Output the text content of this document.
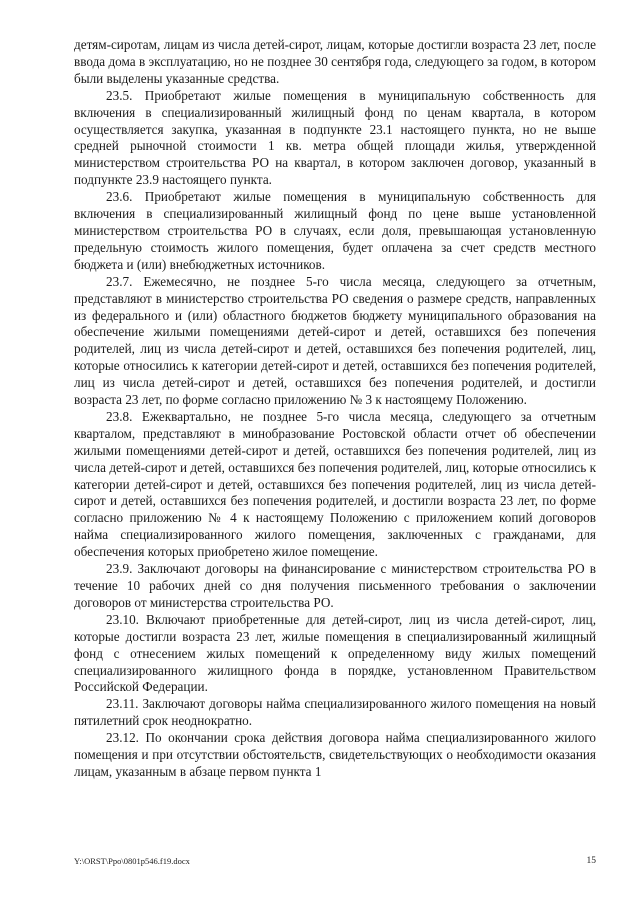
детям-сиротам, лицам из числа детей-сирот, лицам, которые достигли возраста 23 лет, после ввода дома в эксплуатацию, но не позднее 30 сентября года, следующего за годом, в котором были выделены указанные средства.

23.5. Приобретают жилые помещения в муниципальную собственность для включения в специализированный жилищный фонд по ценам квартала, в котором осуществляется закупка, указанная в подпункте 23.1 настоящего пункта, но не выше средней рыночной стоимости 1 кв. метра общей площади жилья, утвержденной министерством строительства РО на квартал, в котором заключен договор, указанный в подпункте 23.9 настоящего пункта.

23.6. Приобретают жилые помещения в муниципальную собственность для включения в специализированный жилищный фонд по цене выше установленной министерством строительства РО в случаях, если доля, превышающая установленную предельную стоимость жилого помещения, будет оплачена за счет средств местного бюджета и (или) внебюджетных источников.

23.7. Ежемесячно, не позднее 5-го числа месяца, следующего за отчетным, представляют в министерство строительства РО сведения о размере средств, направленных из федерального и (или) областного бюджетов бюджету муниципального образования на обеспечение жилыми помещениями детей-сирот и детей, оставшихся без попечения родителей, лиц из числа детей-сирот и детей, оставшихся без попечения родителей, лиц, которые относились к категории детей-сирот и детей, оставшихся без попечения родителей, лиц из числа детей-сирот и детей, оставшихся без попечения родителей, и достигли возраста 23 лет, по форме согласно приложению № 3 к настоящему Положению.

23.8. Ежеквартально, не позднее 5-го числа месяца, следующего за отчетным кварталом, представляют в минобразование Ростовской области отчет об обеспечении жилыми помещениями детей-сирот и детей, оставшихся без попечения родителей, лиц из числа детей-сирот и детей, оставшихся без попечения родителей, лиц, которые относились к категории детей-сирот и детей, оставшихся без попечения родителей, лиц из числа детей-сирот и детей, оставшихся без попечения родителей, и достигли возраста 23 лет, по форме согласно приложению № 4 к настоящему Положению с приложением копий договоров найма специализированного жилого помещения, заключенных с гражданами, для обеспечения которых приобретено жилое помещение.

23.9. Заключают договоры на финансирование с министерством строительства РО в течение 10 рабочих дней со дня получения письменного требования о заключении договоров от министерства строительства РО.

23.10. Включают приобретенные для детей-сирот, лиц из числа детей-сирот, лиц, которые достигли возраста 23 лет, жилые помещения в специализированный жилищный фонд с отнесением жилых помещений к определенному виду жилых помещений специализированного жилищного фонда в порядке, установленном Правительством Российской Федерации.

23.11. Заключают договоры найма специализированного жилого помещения на новый пятилетний срок неоднократно.

23.12. По окончании срока действия договора найма специализированного жилого помещения и при отсутствии обстоятельств, свидетельствующих о необходимости оказания лицам, указанным в абзаце первом пункта 1

Y:\ORST\Ppo\0801p546.f19.docx	15
